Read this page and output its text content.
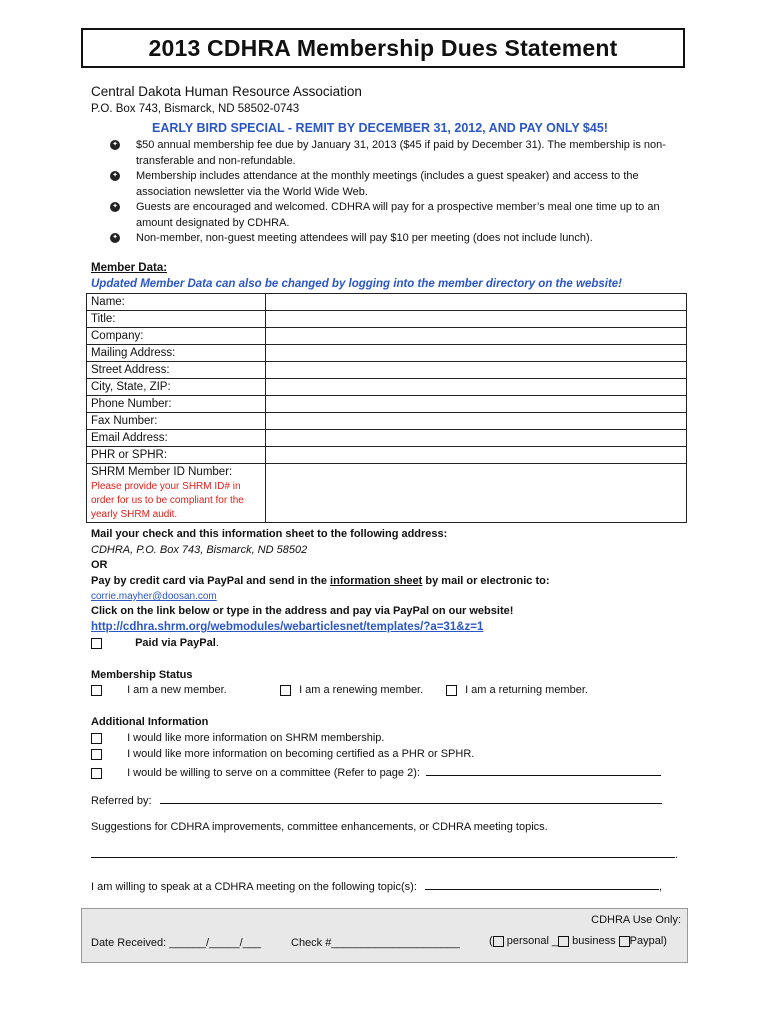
2013 CDHRA Membership Dues Statement
Central Dakota Human Resource Association
P.O. Box 743, Bismarck, ND 58502-0743
EARLY BIRD SPECIAL - REMIT BY DECEMBER 31, 2012, AND PAY ONLY $45!
✦ $50 annual membership fee due by January 31, 2013 ($45 if paid by December 31). The membership is non-transferable and non-refundable.
✦ Membership includes attendance at the monthly meetings (includes a guest speaker) and access to the association newsletter via the World Wide Web.
✦ Guests are encouraged and welcomed. CDHRA will pay for a prospective member’s meal one time up to an amount designated by CDHRA.
✦ Non-member, non-guest meeting attendees will pay $10 per meeting (does not include lunch).
Member Data:
Updated Member Data can also be changed by logging into the member directory on the website!
Name:	
Title:	
Company:	
Mailing Address:	
Street Address:	
City, State, ZIP:	
Phone Number:	
Fax Number:	
Email Address:	
PHR or SPHR:	

SHRM Member ID Number:
Please provide your SHRM ID# in order for us to be compliant for the yearly SHRM audit.	

Mail your check and this information sheet to the following address:
CDHRA, P.O. Box 743, Bismarck, ND 58502
OR
Pay by credit card via PayPal and send in the information sheet by mail or electronic to:
corrie.mayher@doosan.com
Click on the link below or type in the address and pay via PayPal on our website!
http://cdhra.shrm.org/webmodules/webarticlesnet/templates/?a=31&z=1
Paid via PayPal.
Membership Status
I am a new member.	I am a renewing member.	I am a returning member.
Additional Information
I would like more information on SHRM membership.
I would like more information on becoming certified as a PHR or SPHR.
I would be willing to serve on a committee (Refer to page 2):
Referred by:
Suggestions for CDHRA improvements, committee enhancements, or CDHRA meeting topics.
.
I am willing to speak at a CDHRA meeting on the following topic(s):	,
CDHRA Use Only:
Date Received: ______/_____/___	Check #_____________________	( personal _ business Paypal)
